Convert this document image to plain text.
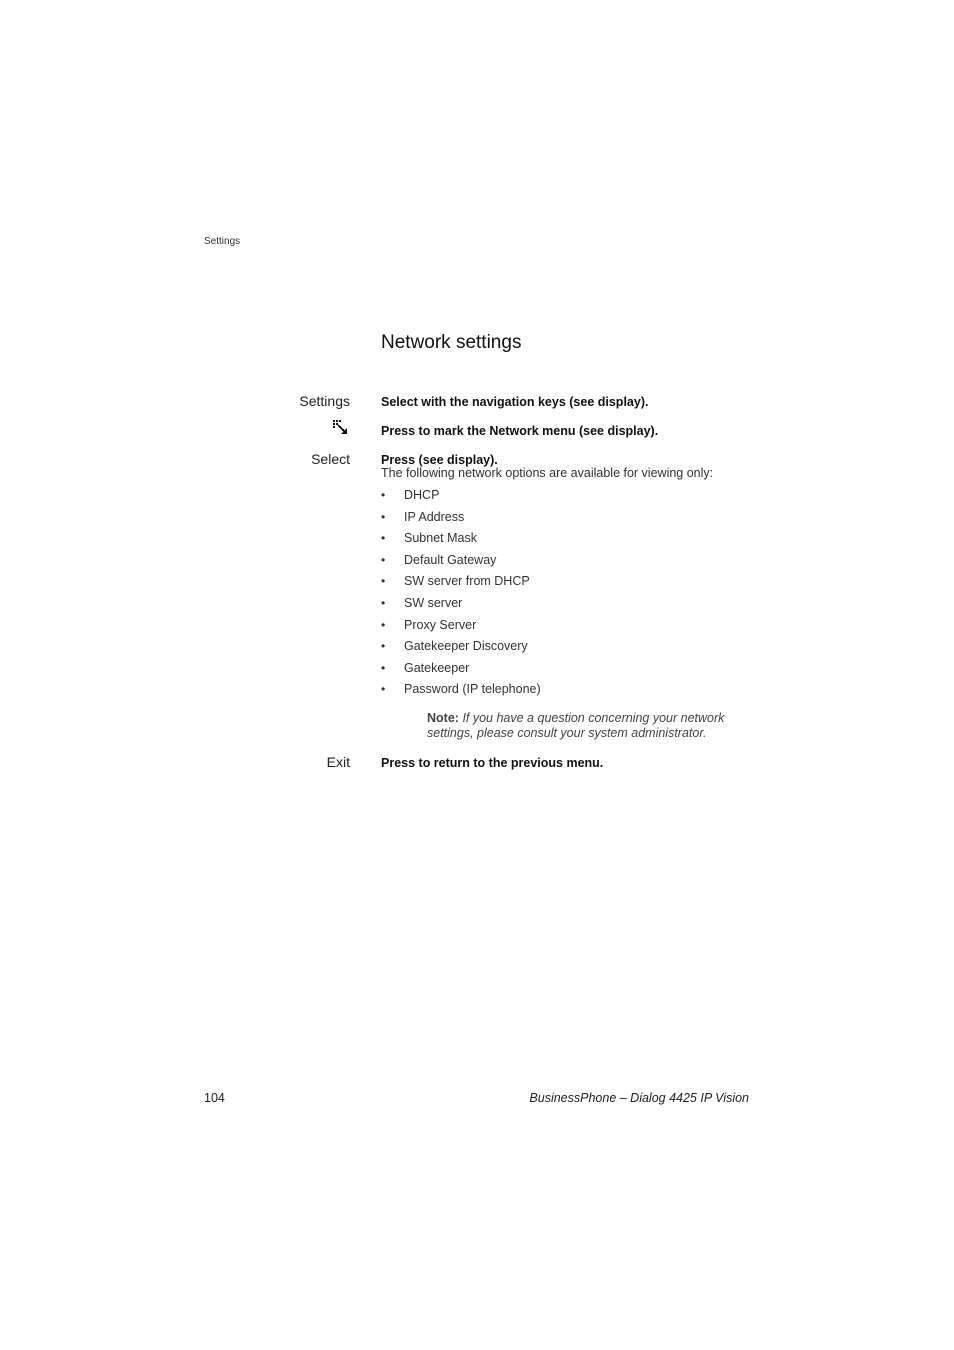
Settings
Network settings
Settings Select with the navigation keys (see display).
Press to mark the Network menu (see display).
Select Press (see display).
The following network options are available for viewing only:
• DHCP
• IP Address
• Subnet Mask
• Default Gateway
• SW server from DHCP
• SW server
• Proxy Server
• Gatekeeper Discovery
• Gatekeeper
• Password (IP telephone)
Note: If you have a question concerning your network settings, please consult your system administrator.
Exit Press to return to the previous menu.
104	BusinessPhone – Dialog 4425 IP Vision
